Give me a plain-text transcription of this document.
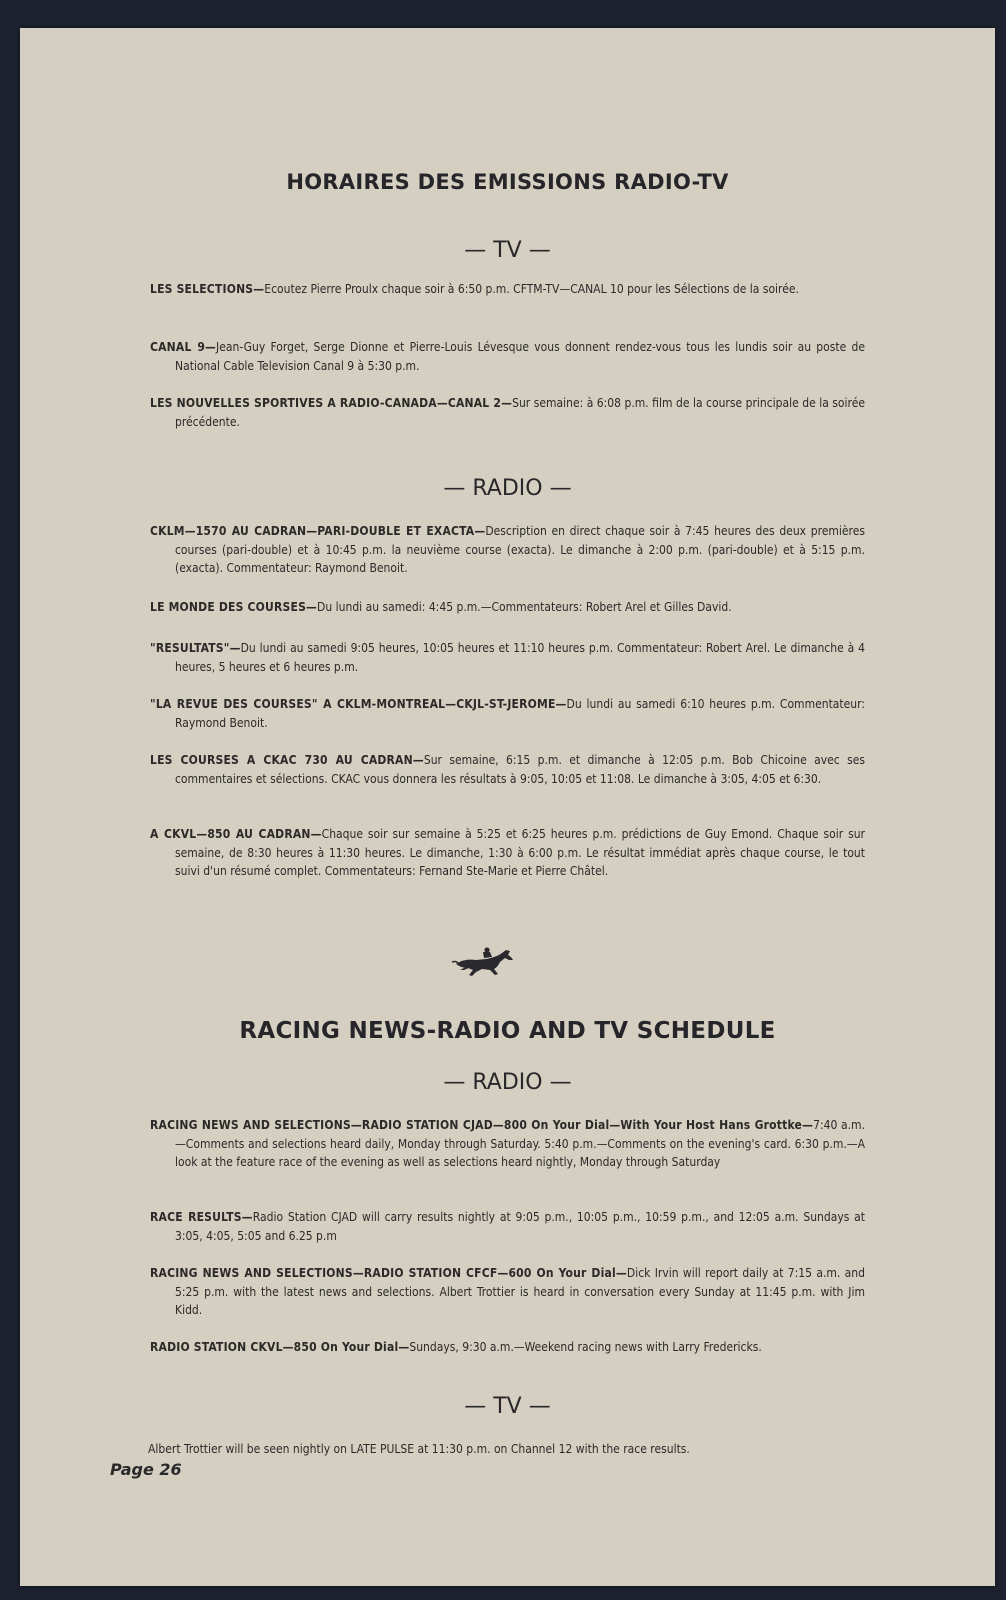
HORAIRES DES EMISSIONS RADIO-TV
— TV —
LES SELECTIONS—Ecoutez Pierre Proulx chaque soir à 6:50 p.m. CFTM-TV—CANAL 10 pour les Sélections de la soirée.
CANAL 9—Jean-Guy Forget, Serge Dionne et Pierre-Louis Lévesque vous donnent rendez-vous tous les lundis soir au poste de National Cable Television Canal 9 à 5:30 p.m.
LES NOUVELLES SPORTIVES A RADIO-CANADA—CANAL 2—Sur semaine: à 6:08 p.m. film de la course principale de la soirée précédente.
— RADIO —
CKLM—1570 AU CADRAN—PARI-DOUBLE ET EXACTA—Description en direct chaque soir à 7:45 heures des deux premières courses (pari-double) et à 10:45 p.m. la neuvième course (exacta). Le dimanche à 2:00 p.m. (pari-double) et à 5:15 p.m. (exacta). Commentateur: Raymond Benoit.
LE MONDE DES COURSES—Du lundi au samedi: 4:45 p.m.—Commentateurs: Robert Arel et Gilles David.
"RESULTATS"—Du lundi au samedi 9:05 heures, 10:05 heures et 11:10 heures p.m. Commentateur: Robert Arel. Le dimanche à 4 heures, 5 heures et 6 heures p.m.
"LA REVUE DES COURSES" A CKLM-MONTREAL—CKJL-ST-JEROME—Du lundi au samedi 6:10 heures p.m. Commentateur: Raymond Benoit.
LES COURSES A CKAC 730 AU CADRAN—Sur semaine, 6:15 p.m. et dimanche à 12:05 p.m. Bob Chicoine avec ses commentaires et sélections. CKAC vous donnera les résultats à 9:05, 10:05 et 11:08. Le dimanche à 3:05, 4:05 et 6:30.
A CKVL—850 AU CADRAN—Chaque soir sur semaine à 5:25 et 6:25 heures p.m. prédictions de Guy Emond. Chaque soir sur semaine, de 8:30 heures à 11:30 heures. Le dimanche, 1:30 à 6:00 p.m. Le résultat immédiat après chaque course, le tout suivi d'un résumé complet. Commentateurs: Fernand Ste-Marie et Pierre Châtel.
RACING NEWS-RADIO AND TV SCHEDULE
— RADIO —
RACING NEWS AND SELECTIONS—RADIO STATION CJAD—800 On Your Dial—With Your Host Hans Grottke—7:40 a.m.—Comments and selections heard daily, Monday through Saturday. 5:40 p.m.—Comments on the evening's card. 6:30 p.m.—A look at the feature race of the evening as well as selections heard nightly, Monday through Saturday
RACE RESULTS—Radio Station CJAD will carry results nightly at 9:05 p.m., 10:05 p.m., 10:59 p.m., and 12:05 a.m. Sundays at 3:05, 4:05, 5:05 and 6.25 p.m
RACING NEWS AND SELECTIONS—RADIO STATION CFCF—600 On Your Dial—Dick Irvin will report daily at 7:15 a.m. and 5:25 p.m. with the latest news and selections. Albert Trottier is heard in conversation every Sunday at 11:45 p.m. with Jim Kidd.
RADIO STATION CKVL—850 On Your Dial—Sundays, 9:30 a.m.—Weekend racing news with Larry Fredericks.
— TV —
Albert Trottier will be seen nightly on LATE PULSE at 11:30 p.m. on Channel 12 with the race results.
Page 26
